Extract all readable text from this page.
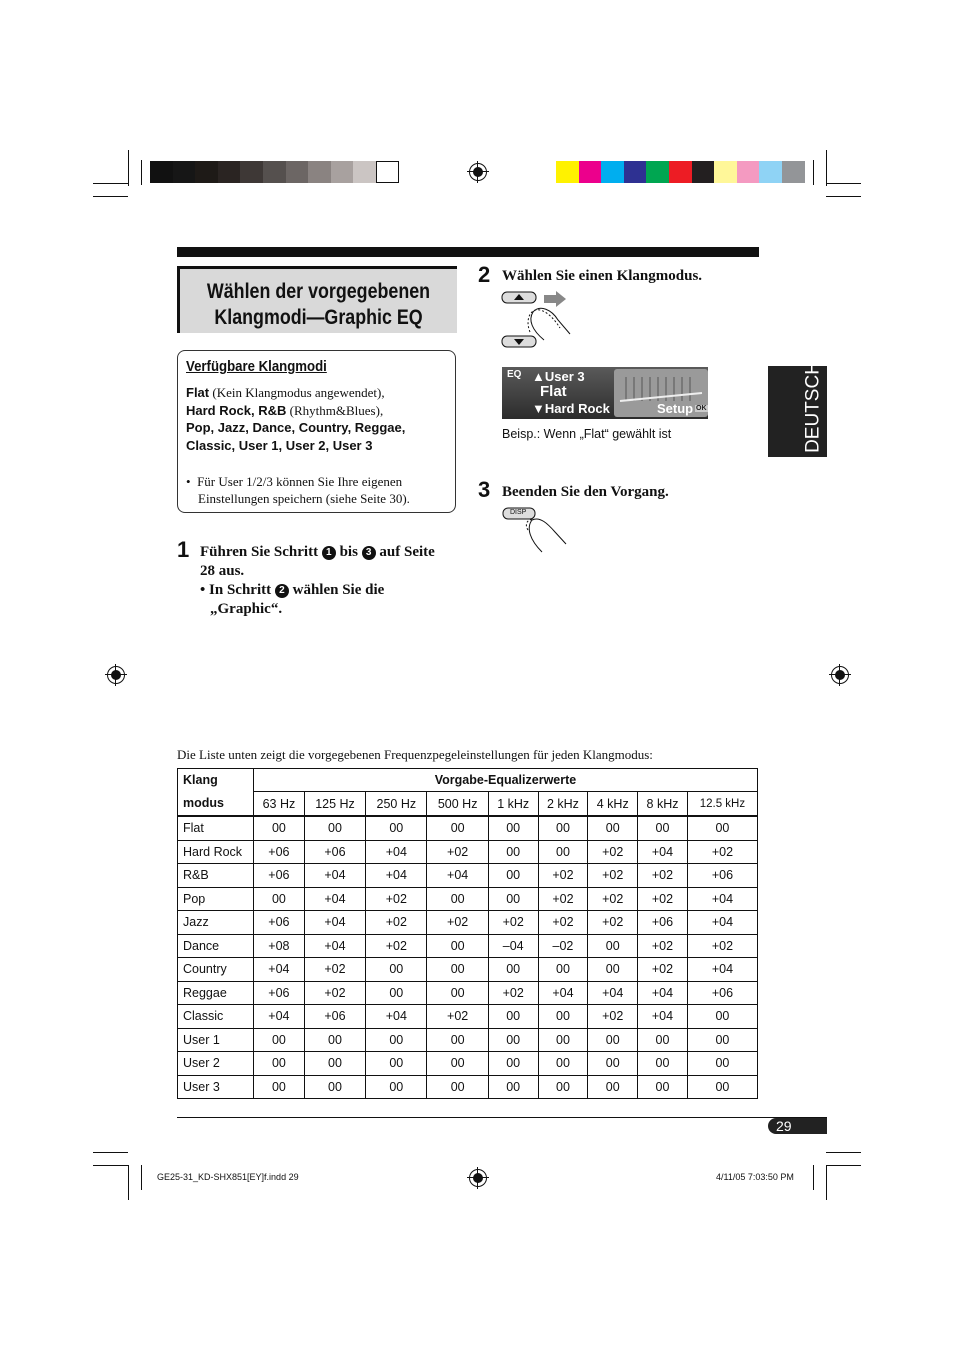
Wählen der vorgegebenen
Klangmodi—Graphic EQ
Verfügbare Klangmodi
Flat (Kein Klangmodus angewendet),
Hard Rock, R&B (Rhythm&Blues),
Pop, Jazz, Dance, Country, Reggae,
Classic, User 1, User 2, User 3
•  Für User 1/2/3 können Sie Ihre eigenen
Einstellungen speichern (siehe Seite 30).
1 Führen Sie Schritt 1 bis 3 auf Seite
28 aus.
• In Schritt 2 wählen Sie die
„Graphic“.
2 Wählen Sie einen Klangmodus.
EQ ▲User 3
Flat
▼Hard Rock	Setup OK
Beisp.: Wenn „Flat“ gewählt ist
3 Beenden Sie den Vorgang.
DISP
DEUTSCH
Die Liste unten zeigt die vorgegebenen Frequenzpegeleinstellungen für jeden Klangmodus:
Klang	Vorgabe-Equalizerwerte								
modus	63 Hz	125 Hz	250 Hz	500 Hz	1 kHz	2 kHz	4 kHz	8 kHz	12.5 kHz
Flat	00	00	00	00	00	00	00	00	00
Hard Rock	+06	+06	+04	+02	00	00	+02	+04	+02
R&B	+06	+04	+04	+04	00	+02	+02	+02	+06
Pop	00	+04	+02	00	00	+02	+02	+02	+04
Jazz	+06	+04	+02	+02	+02	+02	+02	+06	+04
Dance	+08	+04	+02	00	–04	–02	00	+02	+02
Country	+04	+02	00	00	00	00	00	+02	+04
Reggae	+06	+02	00	00	+02	+04	+04	+04	+06
Classic	+04	+06	+04	+02	00	00	+02	+04	00
User 1	00	00	00	00	00	00	00	00	00
User 2	00	00	00	00	00	00	00	00	00
User 3	00	00	00	00	00	00	00	00	00
29
GE25-31_KD-SHX851[EY]f.indd 29	4/11/05 7:03:50 PM
